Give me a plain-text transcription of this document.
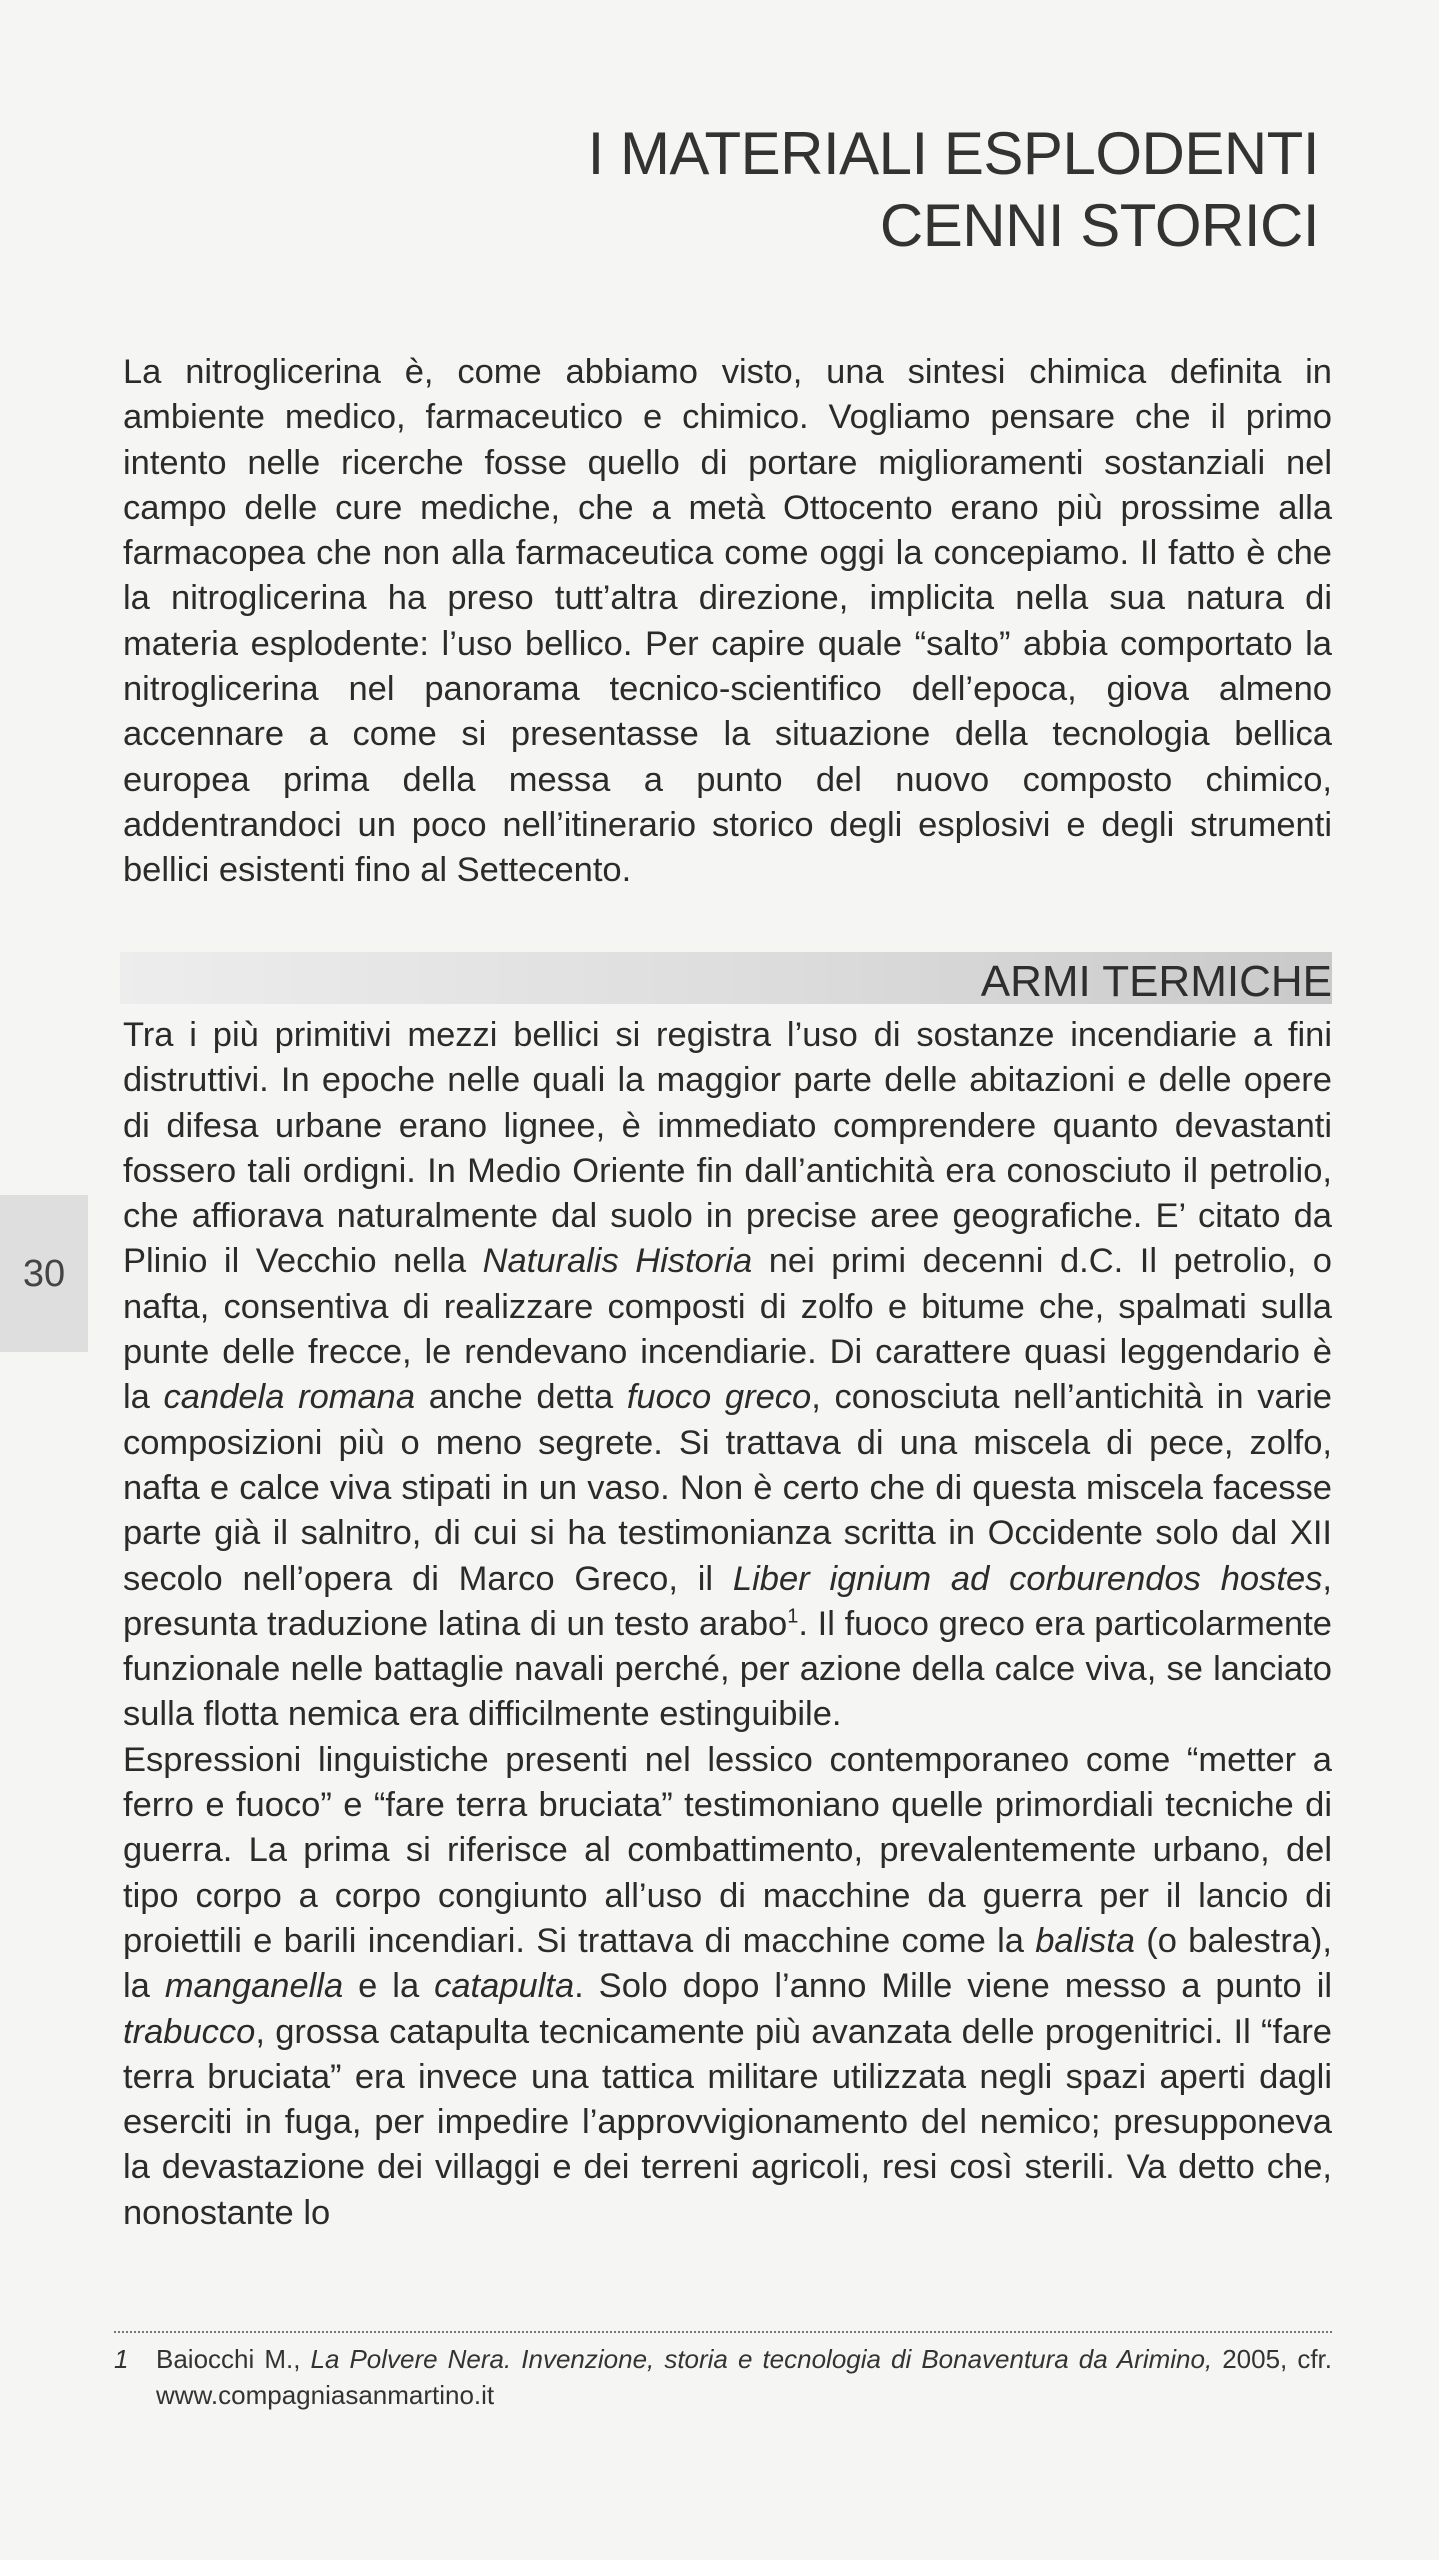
I MATERIALI ESPLODENTI
CENNI STORICI
La nitroglicerina è, come abbiamo visto, una sintesi chimica definita in ambiente medico, farmaceutico e chimico. Vogliamo pensare che il primo intento nelle ricerche fosse quello di portare miglioramenti sostanziali nel campo delle cure mediche, che a metà Ottocento erano più prossime alla farmacopea che non alla farmaceutica come oggi la concepiamo. Il fatto è che la nitroglicerina ha preso tutt’altra direzione, implicita nella sua natura di materia esplodente: l’uso bellico. Per capire quale “salto” abbia comportato la nitroglicerina nel panorama tecnico-scientifico dell’epoca, giova almeno accennare a come si presentasse la situazione della tecnologia bellica europea prima della messa a punto del nuovo composto chimico, addentrandoci un poco nell’itinerario storico degli esplosivi e degli strumenti bellici esistenti fino al Settecento.
ARMI TERMICHE
30

Tra i più primitivi mezzi bellici si registra l’uso di sostanze incendiarie a fini distruttivi. In epoche nelle quali la maggior parte delle abitazioni e delle opere di difesa urbane erano lignee, è immediato comprendere quanto devastanti fossero tali ordigni. In Medio Oriente fin dall’antichità era conosciuto il petrolio, che affiorava naturalmente dal suolo in precise aree geografiche. E’ citato da Plinio il Vecchio nella Naturalis Historia nei primi decenni d.C. Il petrolio, o nafta, consentiva di realizzare composti di zolfo e bitume che, spalmati sulla punte delle frecce, le rendevano incendiarie. Di carattere quasi leggendario è la candela romana anche detta fuoco greco, conosciuta nell’antichità in varie composizioni più o meno segrete. Si trattava di una miscela di pece, zolfo, nafta e calce viva stipati in un vaso. Non è certo che di questa miscela facesse parte già il salnitro, di cui si ha testimonianza scritta in Occidente solo dal XII secolo nell’opera di Marco Greco, il Liber ignium ad corburendos hostes, presunta traduzione latina di un testo arabo$^1$. Il fuoco greco era particolarmente funzionale nelle battaglie navali perché, per azione della calce viva, se lanciato sulla flotta nemica era difficilmente estinguibile.

Espressioni linguistiche presenti nel lessico contemporaneo come “metter a ferro e fuoco” e “fare terra bruciata” testimoniano quelle primordiali tecniche di guerra. La prima si riferisce al combattimento, prevalentemente urbano, del tipo corpo a corpo congiunto all’uso di macchine da guerra per il lancio di proiettili e barili incendiari. Si trattava di macchine come la balista (o balestra), la manganella e la catapulta. Solo dopo l’anno Mille viene messo a punto il trabucco, grossa catapulta tecnicamente più avanzata delle progenitrici. Il “fare terra bruciata” era invece una tattica militare utilizzata negli spazi aperti dagli eserciti in fuga, per impedire l’approvvigionamento del nemico; presupponeva la devastazione dei villaggi e dei terreni agricoli, resi così sterili. Va detto che, nonostante lo

1	Baiocchi M., La Polvere Nera. Invenzione, storia e tecnologia di Bonaventura da Arimino, 2005, cfr. www.compagniasanmartino.it
